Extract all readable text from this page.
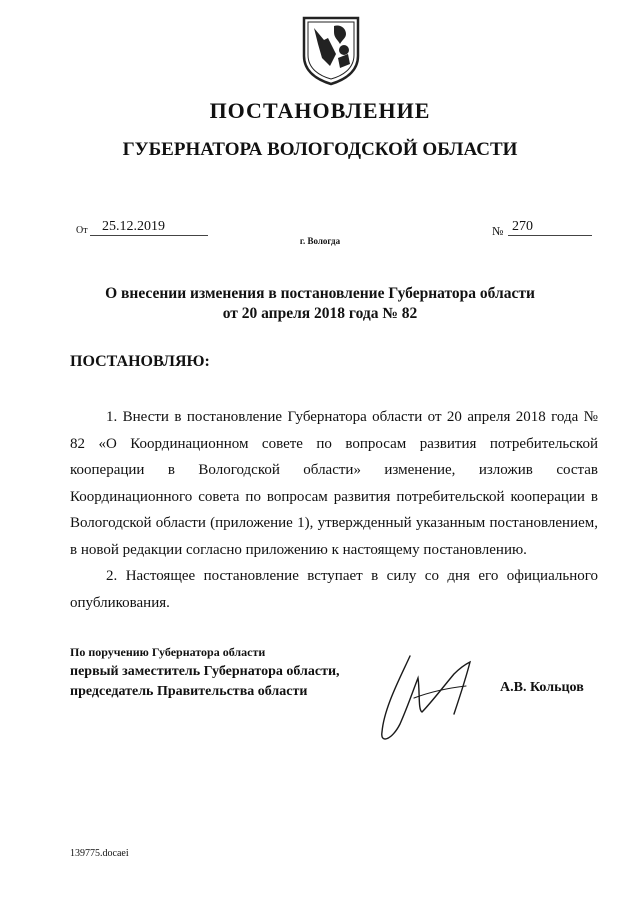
ПОСТАНОВЛЕНИЕ
ГУБЕРНАТОРА ВОЛОГОДСКОЙ ОБЛАСТИ
От	25.12.2019	№ 270
г. Вологда
О внесении изменения в постановление Губернатора области
от 20 апреля 2018 года № 82
ПОСТАНОВЛЯЮ:

1. Внести в постановление Губернатора области от 20 апреля 2018 года № 82 «О Координационном совете по вопросам развития потребительской кооперации в Вологодской области» изменение, изложив состав Координационного совета по вопросам развития потребительской кооперации в Вологодской области (приложение 1), утвержденный указанным постановлением, в новой редакции согласно приложению к настоящему постановлению.

2. Настоящее постановление вступает в силу со дня его официального опубликования.

По поручению Губернатора области
первый заместитель Губернатора области,
председатель Правительства области	А.В. Кольцов
139775.docaei
